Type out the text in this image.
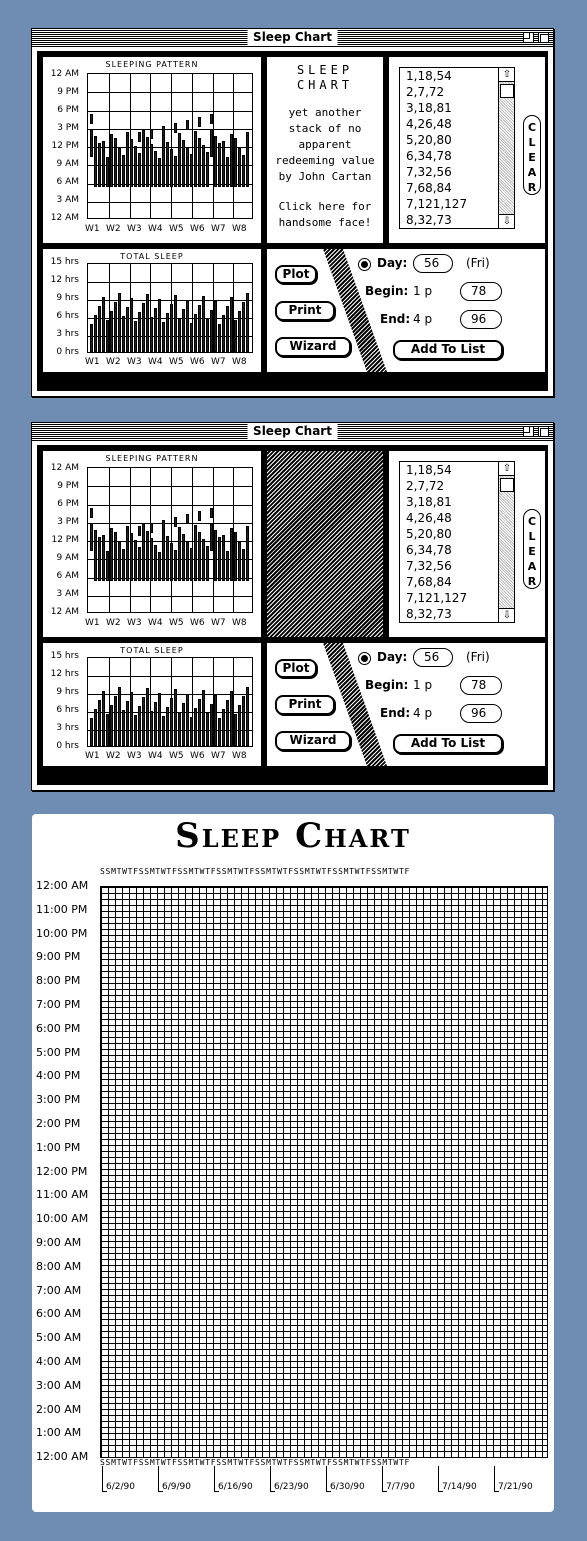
Sleep Chart
SLEEPING PATTERN
12 AM
9 PM
6 PM
3 PM
12 PM
9 AM
6 AM
3 AM
12 AM
W1 W2 W3 W4 W5 W6 W7 W8
SLEEP CHART

yet another

stack of no

apparent

redeeming value

by John Cartan

Click here for handsome face!

1,18,54
2,7,72
3,18,81
4,26,48
5,20,80
6,34,78
7,32,56
7,68,84
7,121,127
8,32,73
⇧
⇩
C
L
E
A
R
TOTAL SLEEP
15 hrs
12 hrs
9 hrs
6 hrs
3 hrs
0 hrs
W1 W2 W3 W4 W5 W6 W7 W8
Plot
Print
Wizard
Day:	56	(Fri)
Begin: 1 p	78
End: 4 p	96
Add To List
Sleep Chart
SLEEPING PATTERN
12 AM
9 PM
6 PM
3 PM
12 PM
9 AM
6 AM
3 AM
12 AM
W1 W2 W3 W4 W5 W6 W7 W8
1,18,54
2,7,72
3,18,81
4,26,48
5,20,80
6,34,78
7,32,56
7,68,84
7,121,127
8,32,73
⇧
⇩
C
L
E
A
R
TOTAL SLEEP
15 hrs
12 hrs
9 hrs
6 hrs
3 hrs
0 hrs
W1 W2 W3 W4 W5 W6 W7 W8
Plot
Print
Wizard
Day:	56	(Fri)
Begin: 1 p	78
End: 4 p	96
Add To List
Sleep Chart
SSMTWTFSSMTWTFSSMTWTFSSMTWTFSSMTWTFSSMTWTFSSMTWTFSSMTWTF
12:00 AM
11:00 PM
10:00 PM
9:00 PM
8:00 PM
7:00 PM
6:00 PM
5:00 PM
4:00 PM
3:00 PM
2:00 PM
1:00 PM
12:00 PM
11:00 AM
10:00 AM
9:00 AM
8:00 AM
7:00 AM
6:00 AM
5:00 AM
4:00 AM
3:00 AM
2:00 AM
1:00 AM
12:00 AM	SSMTWTFSSMTWTFSSMTWTFSSMTWTFSSMTWTFSSMTWTFSSMTWTFSSMTWTF
6/2/90	6/9/90	6/16/90 6/23/90 6/30/90 7/7/90	7/14/90 7/21/90
